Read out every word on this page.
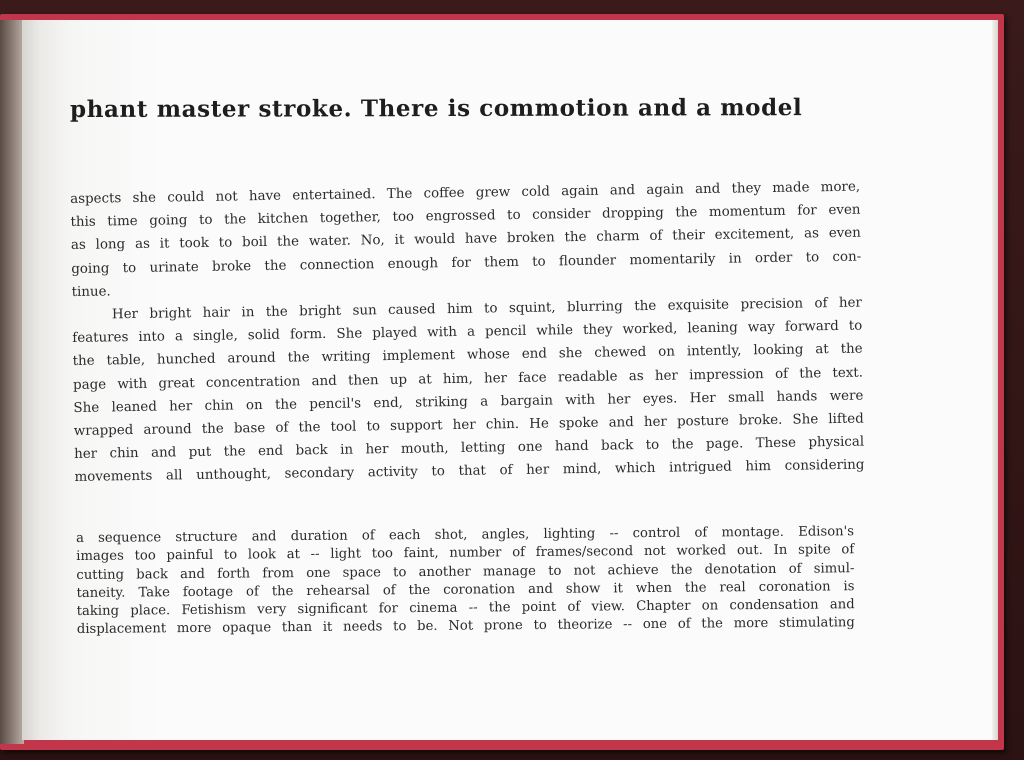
phant master stroke. There is commotion and a model
aspects she could not have entertained. The coffee grew cold again and again and they made more,
this time going to the kitchen together, too engrossed to consider dropping the momentum for even
as long as it took to boil the water. No, it would have broken the charm of their excitement, as even
going to urinate broke the connection enough for them to flounder momentarily in order to con-
tinue.
Her bright hair in the bright sun caused him to squint, blurring the exquisite precision of her
features into a single, solid form. She played with a pencil while they worked, leaning way forward to
the table, hunched around the writing implement whose end she chewed on intently, looking at the
page with great concentration and then up at him, her face readable as her impression of the text.
She leaned her chin on the pencil's end, striking a bargain with her eyes. Her small hands were
wrapped around the base of the tool to support her chin. He spoke and her posture broke. She lifted
her chin and put the end back in her mouth, letting one hand back to the page. These physical
movements all unthought, secondary activity to that of her mind, which intrigued him considering
a sequence structure and duration of each shot, angles, lighting -- control of montage. Edison's
images too painful to look at -- light too faint, number of frames/second not worked out. In spite of
cutting back and forth from one space to another manage to not achieve the denotation of simul-
taneity. Take footage of the rehearsal of the coronation and show it when the real coronation is
taking place. Fetishism very significant for cinema -- the point of view. Chapter on condensation and
displacement more opaque than it needs to be. Not prone to theorize -- one of the more stimulating
